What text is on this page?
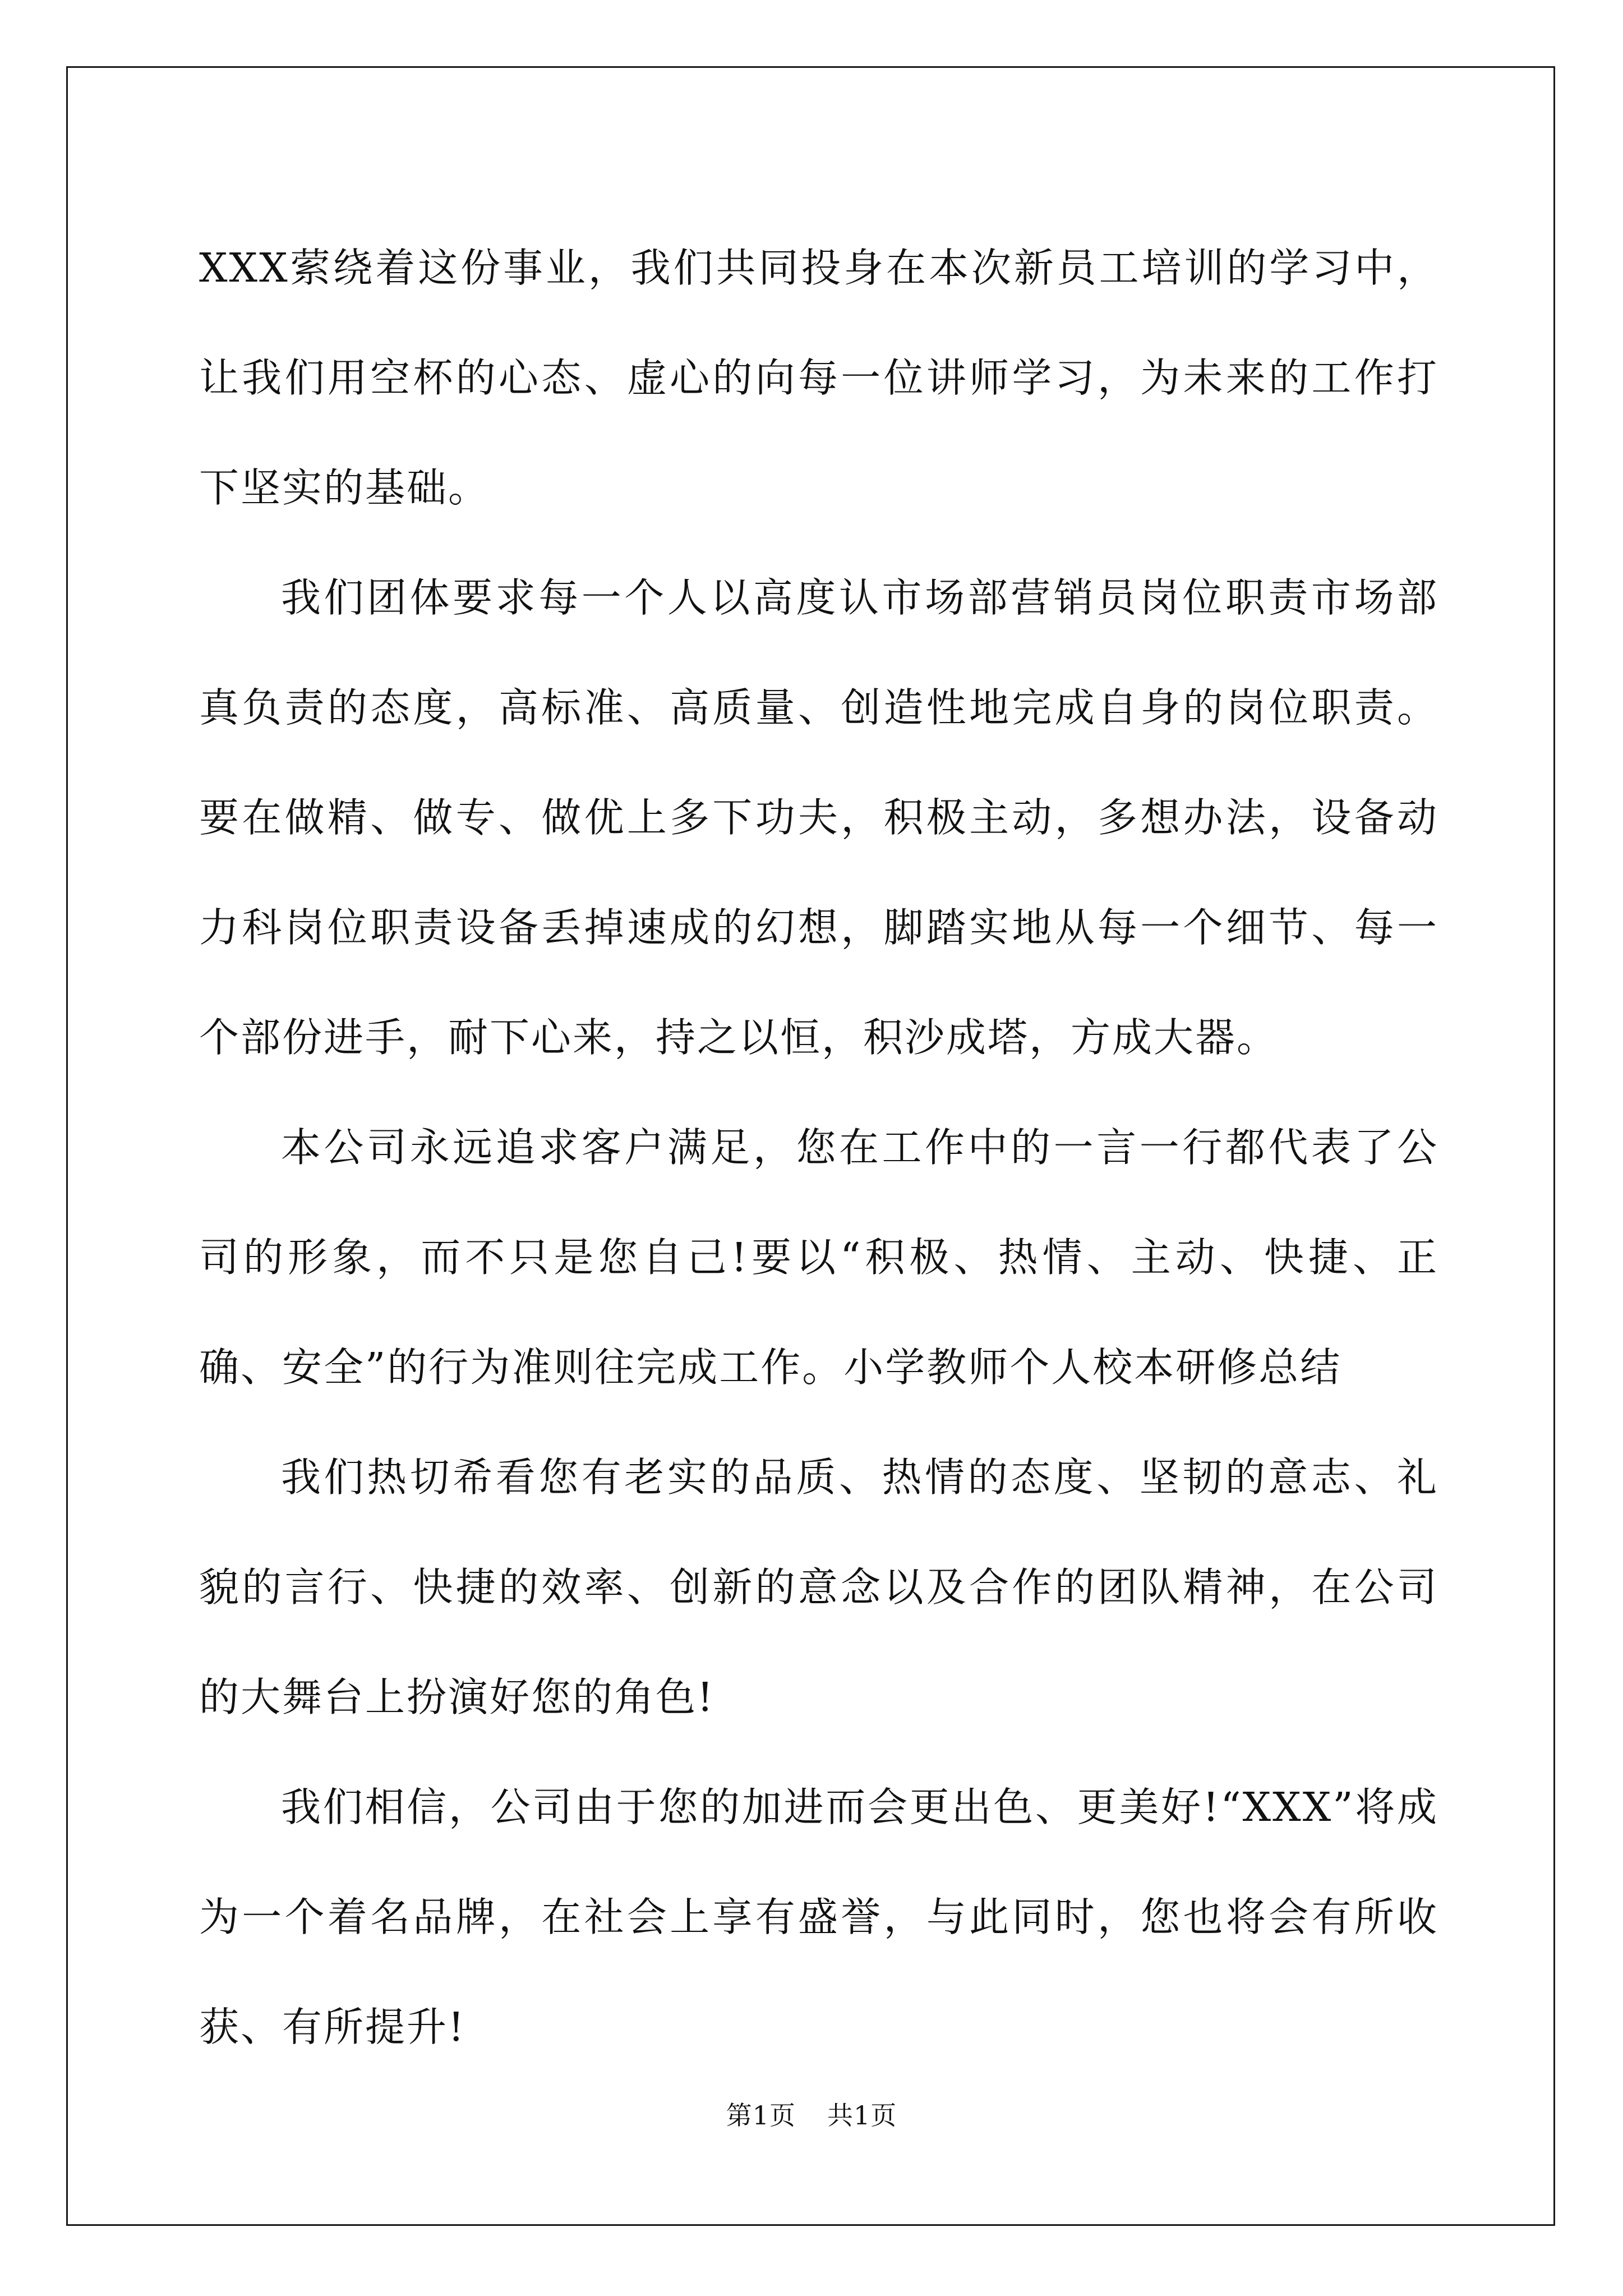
XXX萦绕着这份事业，我们共同投身在本次新员工培训的学习中，让我们用空杯的心态、虚心的向每一位讲师学习，为未来的工作打下坚实的基础。

我们团体要求每一个人以高度认市场部营销员岗位职责市场部真负责的态度，高标准、高质量、创造性地完成自身的岗位职责。要在做精、做专、做优上多下功夫，积极主动，多想办法，设备动力科岗位职责设备丢掉速成的幻想，脚踏实地从每一个细节、每一个部份进手，耐下心来，持之以恒，积沙成塔，方成大器。

本公司永远追求客户满足，您在工作中的一言一行都代表了公司的形象，而不只是您自己!要以“积极、热情、主动、快捷、正确、安全”的行为准则往完成工作。小学教师个人校本研修总结

我们热切希看您有老实的品质、热情的态度、坚韧的意志、礼貌的言行、快捷的效率、创新的意念以及合作的团队精神，在公司的大舞台上扮演好您的角色!

我们相信，公司由于您的加进而会更出色、更美好!“XXX”将成为一个着名品牌，在社会上享有盛誉，与此同时，您也将会有所收获、有所提升!

第1页 共1页
